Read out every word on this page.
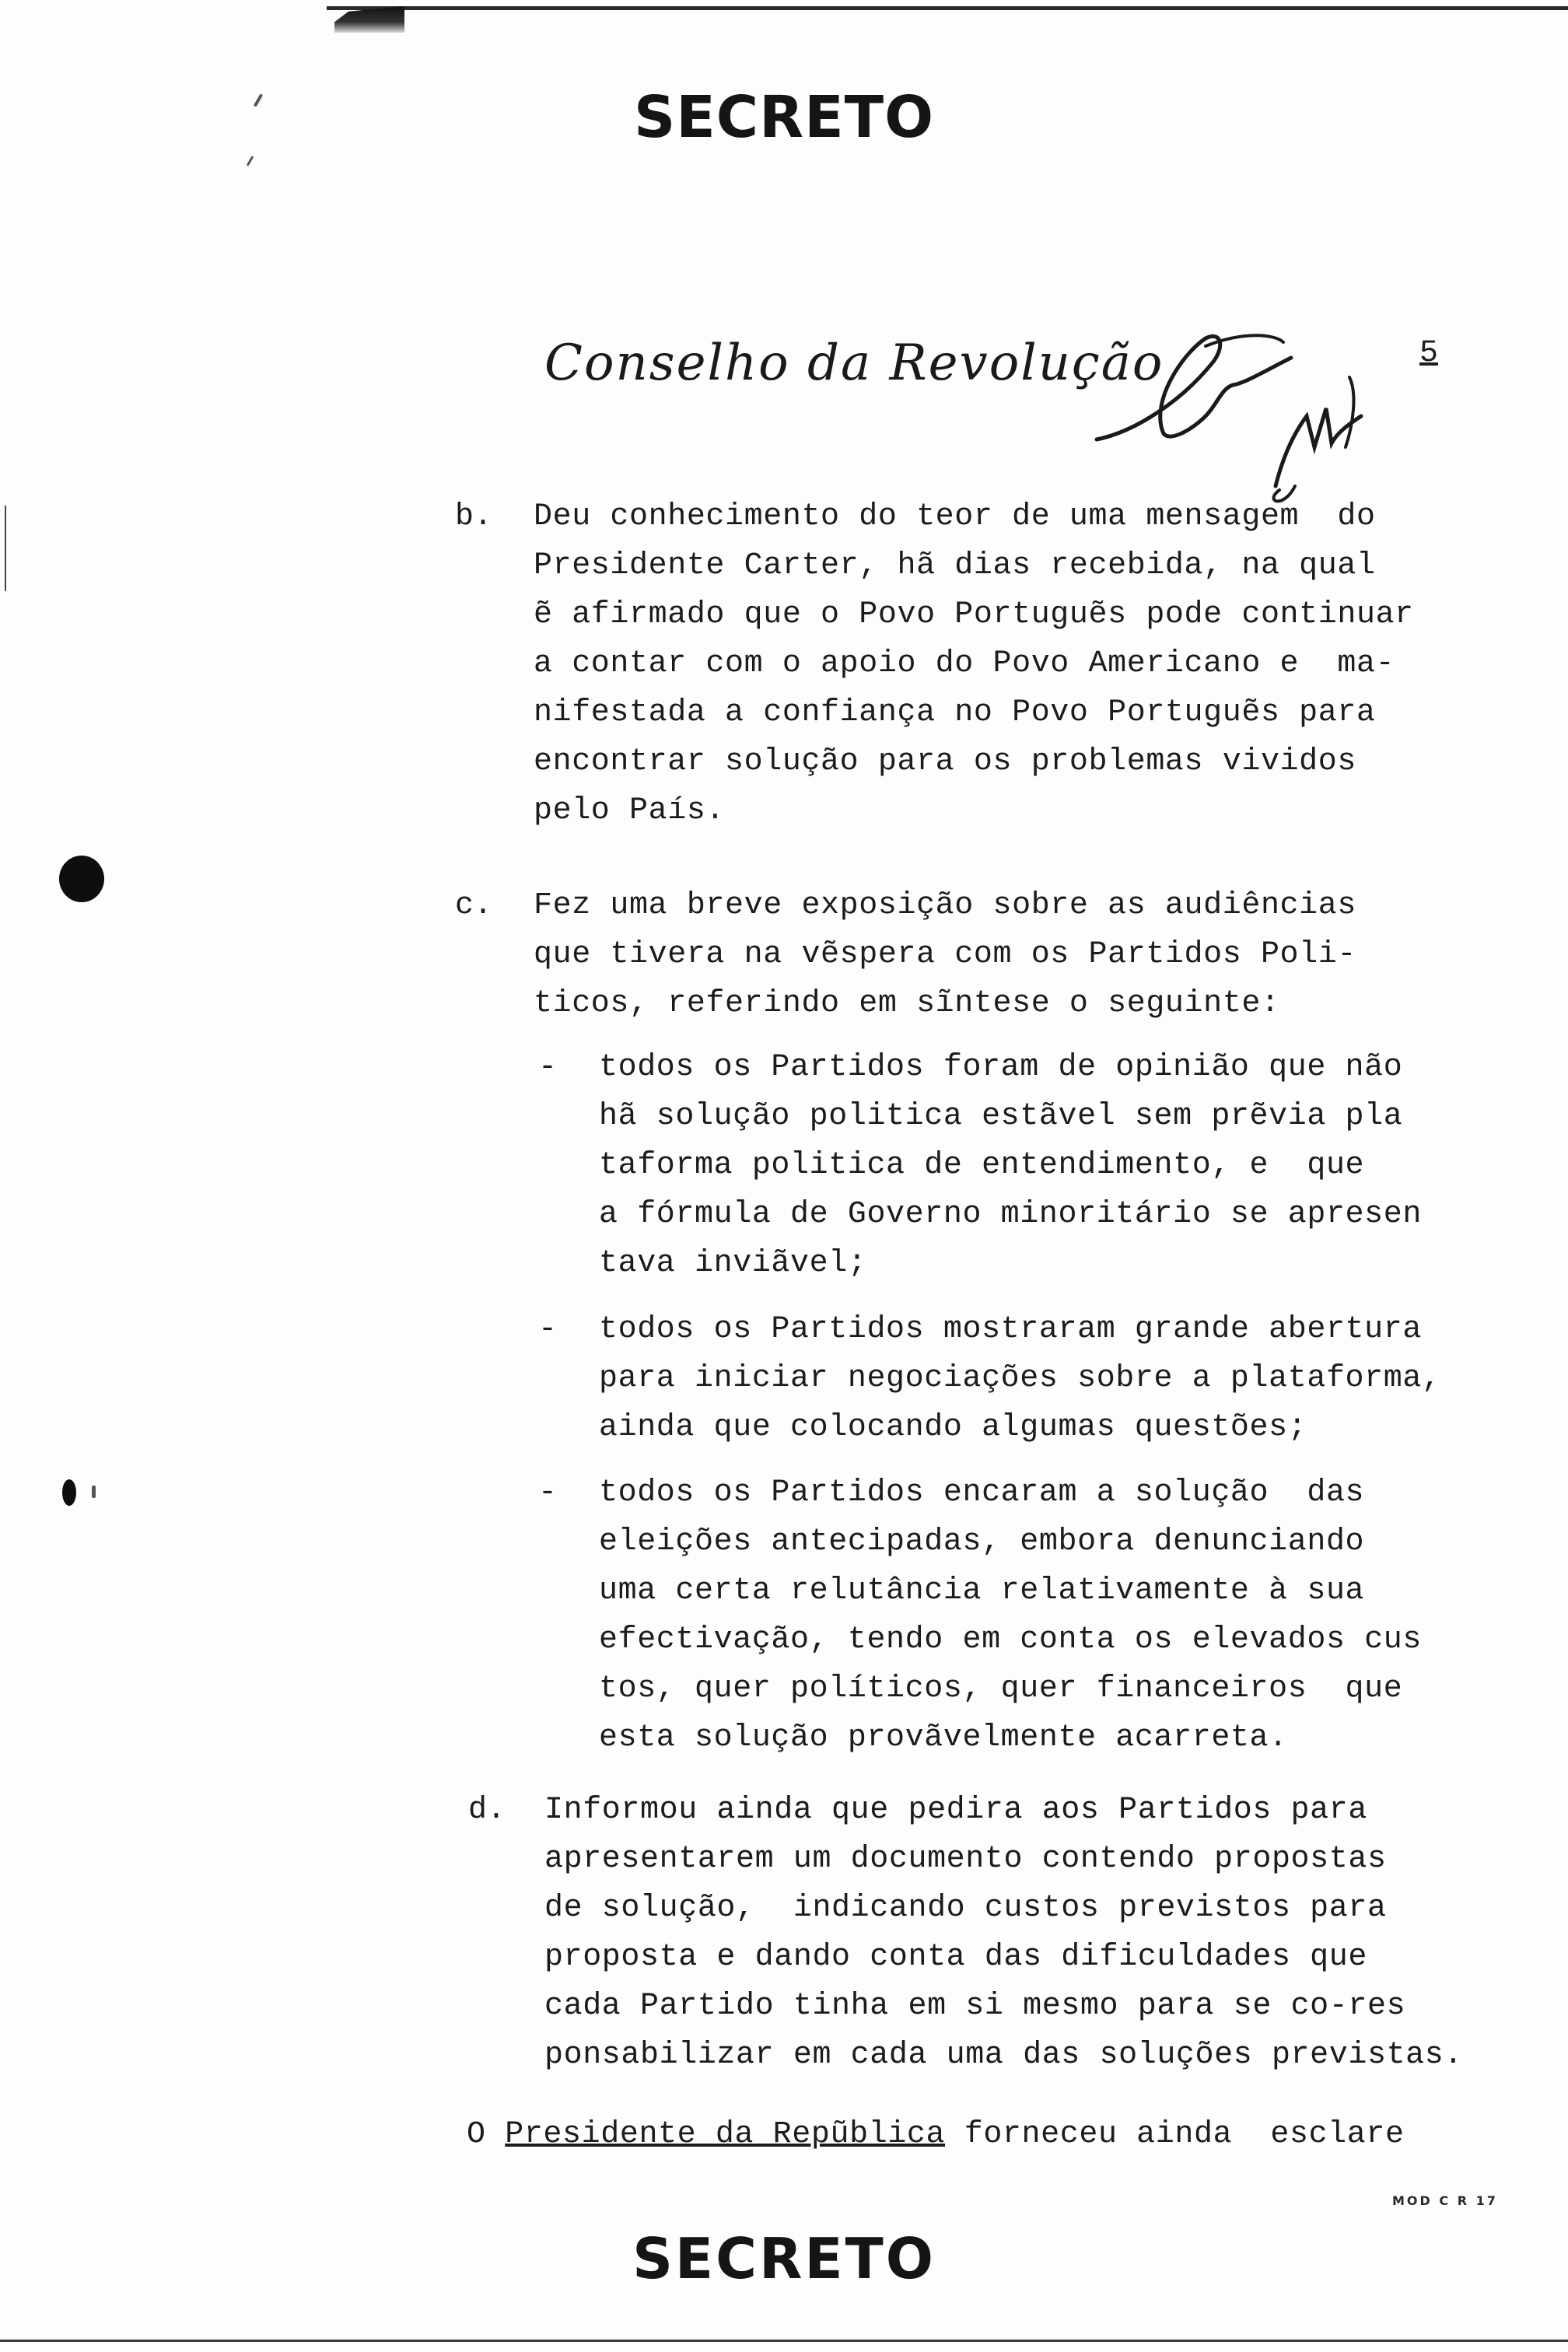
SECRETO
Conselho da Revolução	5
b. Deu conhecimento do teor de uma mensagem  do
Presidente Carter, hã dias recebida, na qual
ẽ afirmado que o Povo Portuguẽs pode continuar
a contar com o apoio do Povo Americano e  ma-
nifestada a confiança no Povo Portuguẽs para
encontrar solução para os problemas vividos
pelo País.
c. Fez uma breve exposição sobre as audiências
que tivera na vẽspera com os Partidos Poli-
ticos, referindo em sĩntese o seguinte:
- todos os Partidos foram de opinião que não
hã solução politica estãvel sem prẽvia pla
taforma politica de entendimento, e  que
a fórmula de Governo minoritário se apresen
tava inviãvel;
- todos os Partidos mostraram grande abertura
para iniciar negociações sobre a plataforma,
ainda que colocando algumas questões;
- todos os Partidos encaram a solução  das
eleições antecipadas, embora denunciando
uma certa relutância relativamente à sua
efectivação, tendo em conta os elevados cus
tos, quer políticos, quer financeiros  que
esta solução provãvelmente acarreta.
d. Informou ainda que pedira aos Partidos para
apresentarem um documento contendo propostas
de solução,  indicando custos previstos para
proposta e dando conta das dificuldades que
cada Partido tinha em si mesmo para se co-res
ponsabilizar em cada uma das soluções previstas.
O Presidente da Repũblica forneceu ainda  esclare
MOD C R 17
SECRETO
